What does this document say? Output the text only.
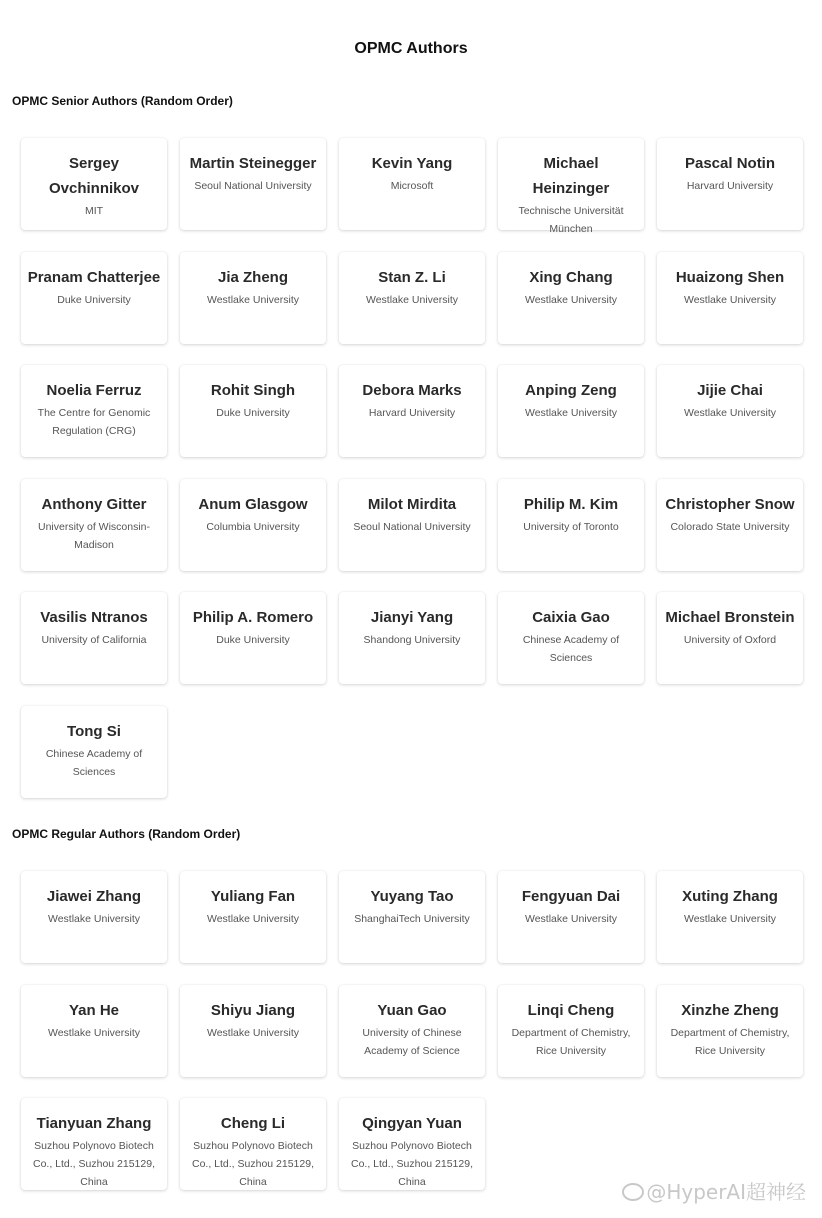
OPMC Authors
OPMC Senior Authors (Random Order)
Sergey Ovchinnikov
MIT
Martin Steinegger
Seoul National University
Kevin Yang
Microsoft
Michael Heinzinger
Technische Universität München
Pascal Notin
Harvard University
Pranam Chatterjee
Duke University
Jia Zheng
Westlake University
Stan Z. Li
Westlake University
Xing Chang
Westlake University
Huaizong Shen
Westlake University
Noelia Ferruz
The Centre for Genomic Regulation (CRG)
Rohit Singh
Duke University
Debora Marks
Harvard University
Anping Zeng
Westlake University
Jijie Chai
Westlake University
Anthony Gitter
University of Wisconsin-Madison
Anum Glasgow
Columbia University
Milot Mirdita
Seoul National University
Philip M. Kim
University of Toronto
Christopher Snow
Colorado State University
Vasilis Ntranos
University of California
Philip A. Romero
Duke University
Jianyi Yang
Shandong University
Caixia Gao
Chinese Academy of Sciences
Michael Bronstein
University of Oxford
Tong Si
Chinese Academy of Sciences
OPMC Regular Authors (Random Order)
Jiawei Zhang
Westlake University
Yuliang Fan
Westlake University
Yuyang Tao
ShanghaiTech University
Fengyuan Dai
Westlake University
Xuting Zhang
Westlake University
Yan He
Westlake University
Shiyu Jiang
Westlake University
Yuan Gao
University of Chinese Academy of Science
Linqi Cheng
Department of Chemistry, Rice University
Xinzhe Zheng
Department of Chemistry, Rice University
Tianyuan Zhang
Suzhou Polynovo Biotech Co., Ltd., Suzhou 215129, China
Cheng Li
Suzhou Polynovo Biotech Co., Ltd., Suzhou 215129, China
Qingyan Yuan
Suzhou Polynovo Biotech Co., Ltd., Suzhou 215129, China	@HyperAI超神经
